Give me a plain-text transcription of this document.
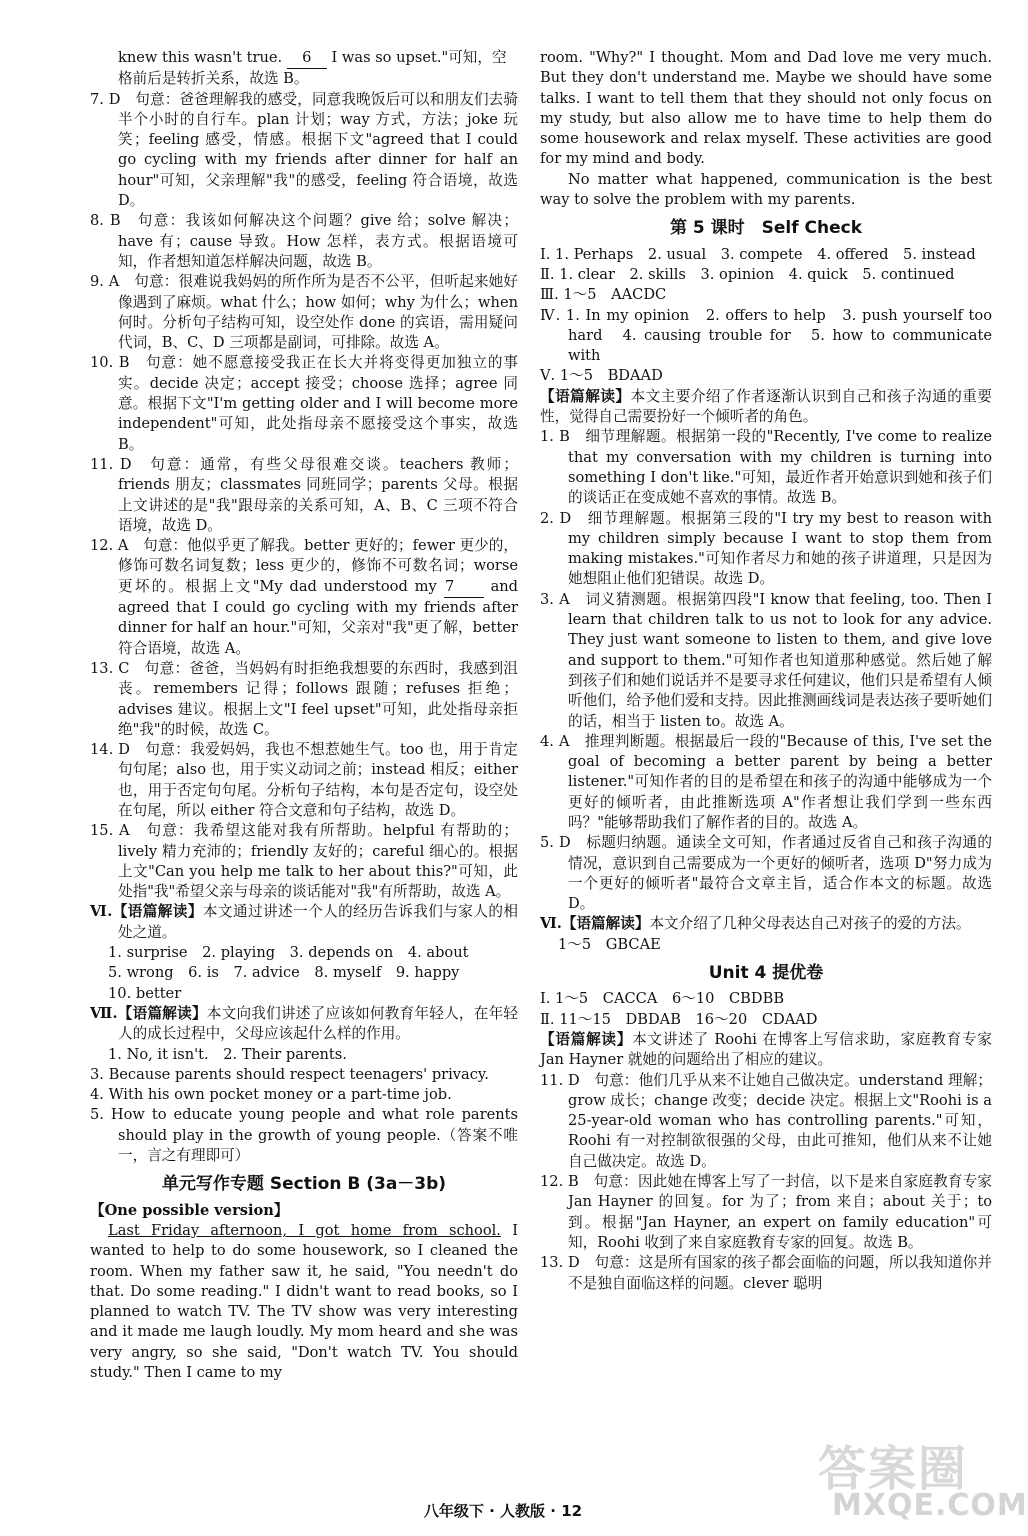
knew this wasn't true. 6 I was so upset."可知，空

格前后是转折关系，故选 B。

7. D　句意：爸爸理解我的感受，同意我晚饭后可以和朋友们去骑半个小时的自行车。plan 计划；way 方式，方法；joke 玩笑；feeling 感受，情感。根据下文"agreed that I could go cycling with my friends after dinner for half an hour"可知，父亲理解"我"的感受，feeling 符合语境，故选 D。

8. B　句意：我该如何解决这个问题？give 给；solve 解决；have 有；cause 导致。How 怎样，表方式。根据语境可知，作者想知道怎样解决问题，故选 B。

9. A　句意：很难说我妈妈的所作所为是否不公平，但听起来她好像遇到了麻烦。what 什么；how 如何；why 为什么；when 何时。分析句子结构可知，设空处作 done 的宾语，需用疑问代词，B、C、D 三项都是副词，可排除。故选 A。

10. B　句意：她不愿意接受我正在长大并将变得更加独立的事实。decide 决定；accept 接受；choose 选择；agree 同意。根据下文"I'm getting older and I will become more independent"可知，此处指母亲不愿接受这个事实，故选 B。

11. D　句意：通常，有些父母很难交谈。teachers 教师；friends 朋友；classmates 同班同学；parents 父母。根据上文讲述的是"我"跟母亲的关系可知，A、B、C 三项不符合语境，故选 D。

12. A　句意：他似乎更了解我。better 更好的；fewer 更少的，修饰可数名词复数；less 更少的，修饰不可数名词；worse 更坏的。根据上文"My dad understood my 7 and agreed that I could go cycling with my friends after dinner for half an hour."可知，父亲对"我"更了解，better 符合语境，故选 A。

13. C　句意：爸爸，当妈妈有时拒绝我想要的东西时，我感到沮丧。remembers 记得；follows 跟随；refuses 拒绝；advises 建议。根据上文"I feel upset"可知，此处指母亲拒绝"我"的时候，故选 C。

14. D　句意：我爱妈妈，我也不想惹她生气。too 也，用于肯定句句尾；also 也，用于实义动词之前；instead 相反；either 也，用于否定句句尾。分析句子结构，本句是否定句，设空处在句尾，所以 either 符合文意和句子结构，故选 D。

15. A　句意：我希望这能对我有所帮助。helpful 有帮助的；lively 精力充沛的；friendly 友好的；careful 细心的。根据上文"Can you help me talk to her about this?"可知，此处指"我"希望父亲与母亲的谈话能对"我"有所帮助，故选 A。

Ⅵ.【语篇解读】本文通过讲述一个人的经历告诉我们与家人的相处之道。

1. surprise　2. playing　3. depends on　4. about

5. wrong　6. is　7. advice　8. myself　9. happy

10. better

Ⅶ.【语篇解读】本文向我们讲述了应该如何教育年轻人，在年轻人的成长过程中，父母应该起什么样的作用。

1. No, it isn't.　2. Their parents.

3. Because parents should respect teenagers' privacy.

4. With his own pocket money or a part-time job.

5. How to educate young people and what role parents should play in the growth of young people.（答案不唯一，言之有理即可）

单元写作专题 Section B (3a－3b)

【One possible version】

Last Friday afternoon, I got home from school. I wanted to help to do some housework, so I cleaned the room. When my father saw it, he said, "You needn't do that. Do some reading." I didn't want to read books, so I planned to watch TV. The TV show was very interesting and it made me laugh loudly. My mom heard and she was very angry, so she said, "Don't watch TV. You should study." Then I came to my

room. "Why?" I thought. Mom and Dad love me very much. But they don't understand me. Maybe we should have some talks. I want to tell them that they should not only focus on my study, but also allow me to have time to help them do some housework and relax myself. These activities are good for my mind and body.

No matter what happened, communication is the best way to solve the problem with my parents.

第 5 课时　Self Check

Ⅰ. 1. Perhaps　2. usual　3. compete　4. offered　5. instead

Ⅱ. 1. clear　2. skills　3. opinion　4. quick　5. continued

Ⅲ. 1～5　AACDC

Ⅳ. 1. In my opinion　2. offers to help　3. push yourself too hard　4. causing trouble for　5. how to communicate with

Ⅴ. 1～5　BDAAD

【语篇解读】本文主要介绍了作者逐渐认识到自己和孩子沟通的重要性，觉得自己需要扮好一个倾听者的角色。

1. B　细节理解题。根据第一段的"Recently, I've come to realize that my conversation with my children is turning into something I don't like."可知，最近作者开始意识到她和孩子们的谈话正在变成她不喜欢的事情。故选 B。

2. D　细节理解题。根据第三段的"I try my best to reason with my children simply because I want to stop them from making mistakes."可知作者尽力和她的孩子讲道理，只是因为她想阻止他们犯错误。故选 D。

3. A　词义猜测题。根据第四段"I know that feeling, too. Then I learn that children talk to us not to look for any advice. They just want someone to listen to them, and give love and support to them."可知作者也知道那种感觉。然后她了解到孩子们和她们说话并不是要寻求任何建议，他们只是希望有人倾听他们，给予他们爱和支持。因此推测画线词是表达孩子要听她们的话，相当于 listen to。故选 A。

4. A　推理判断题。根据最后一段的"Because of this, I've set the goal of becoming a better parent by being a better listener."可知作者的目的是希望在和孩子的沟通中能够成为一个更好的倾听者，由此推断选项 A"作者想让我们学到一些东西吗？"能够帮助我们了解作者的目的。故选 A。

5. D　标题归纳题。通读全文可知，作者通过反省自己和孩子沟通的情况，意识到自己需要成为一个更好的倾听者，选项 D"努力成为一个更好的倾听者"最符合文章主旨，适合作本文的标题。故选 D。

Ⅵ.【语篇解读】本文介绍了几种父母表达自己对孩子的爱的方法。

1～5　GBCAE

Unit 4 提优卷

Ⅰ. 1～5　CACCA　6～10　CBDBB

Ⅱ. 11～15　DBDAB　16～20　CDAAD

【语篇解读】本文讲述了 Roohi 在博客上写信求助，家庭教育专家 Jan Hayner 就她的问题给出了相应的建议。

11. D　句意：他们几乎从来不让她自己做决定。understand 理解；grow 成长；change 改变；decide 决定。根据上文"Roohi is a 25-year-old woman who has controlling parents."可知，Roohi 有一对控制欲很强的父母，由此可推知，他们从来不让她自己做决定。故选 D。

12. B　句意：因此她在博客上写了一封信，以下是来自家庭教育专家 Jan Hayner 的回复。for 为了；from 来自；about 关于；to 到。根据"Jan Hayner, an expert on family education"可知，Roohi 收到了来自家庭教育专家的回复。故选 B。

13. D　句意：这是所有国家的孩子都会面临的问题，所以我知道你并不是独自面临这样的问题。clever 聪明

八年级下 · 人教版 · 12
答案圈
MXQE.COM
